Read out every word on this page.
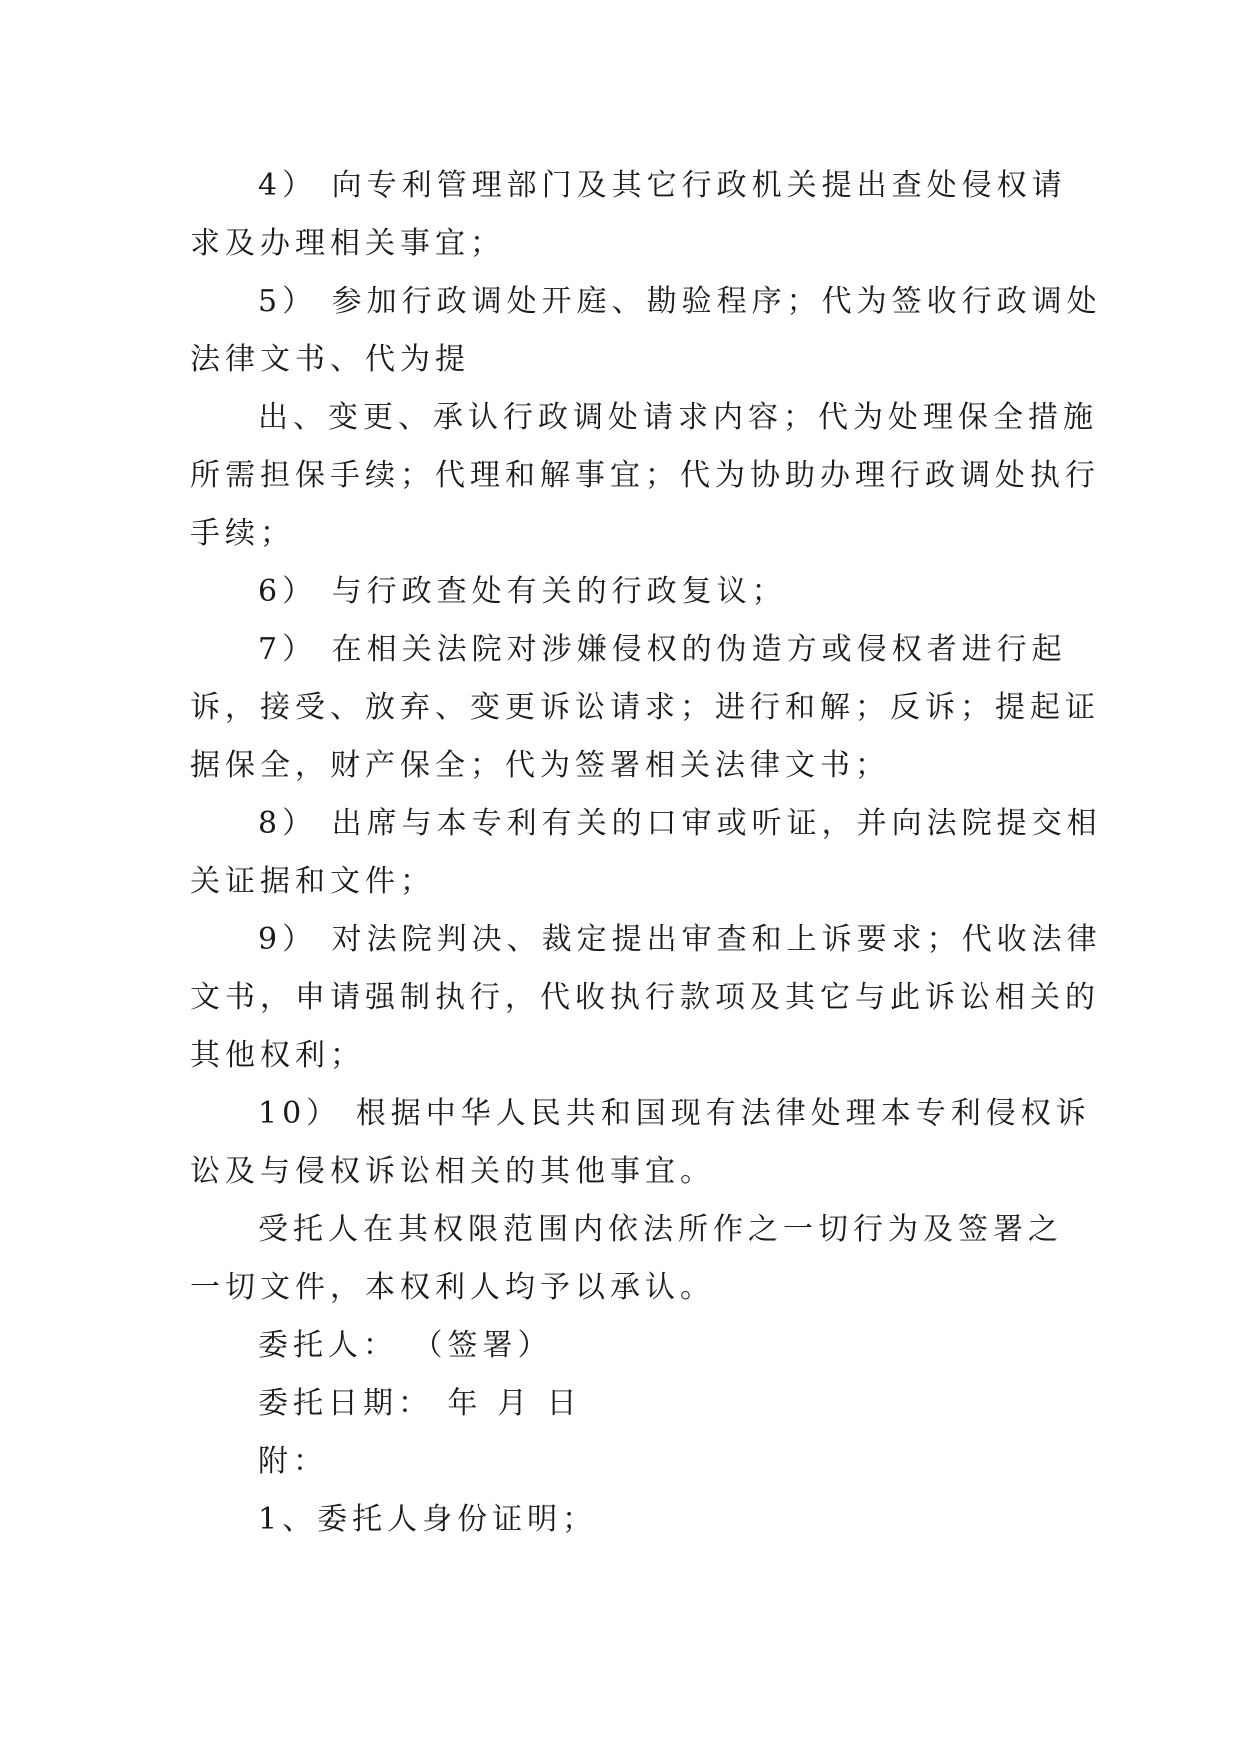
4） 向专利管理部门及其它行政机关提出查处侵权请
求及办理相关事宜；
5） 参加行政调处开庭、勘验程序；代为签收行政调处
法律文书、代为提
出、变更、承认行政调处请求内容；代为处理保全措施
所需担保手续；代理和解事宜；代为协助办理行政调处执行
手续；
6） 与行政查处有关的行政复议；
7） 在相关法院对涉嫌侵权的伪造方或侵权者进行起
诉，接受、放弃、变更诉讼请求；进行和解；反诉；提起证
据保全，财产保全；代为签署相关法律文书；
8） 出席与本专利有关的口审或听证，并向法院提交相
关证据和文件；
9） 对法院判决、裁定提出审查和上诉要求；代收法律
文书，申请强制执行，代收执行款项及其它与此诉讼相关的
其他权利；
10） 根据中华人民共和国现有法律处理本专利侵权诉
讼及与侵权诉讼相关的其他事宜。
受托人在其权限范围内依法所作之一切行为及签署之
一切文件，本权利人均予以承认。
委托人： （签署）
委托日期： 年 月 日
附：
1、委托人身份证明；
